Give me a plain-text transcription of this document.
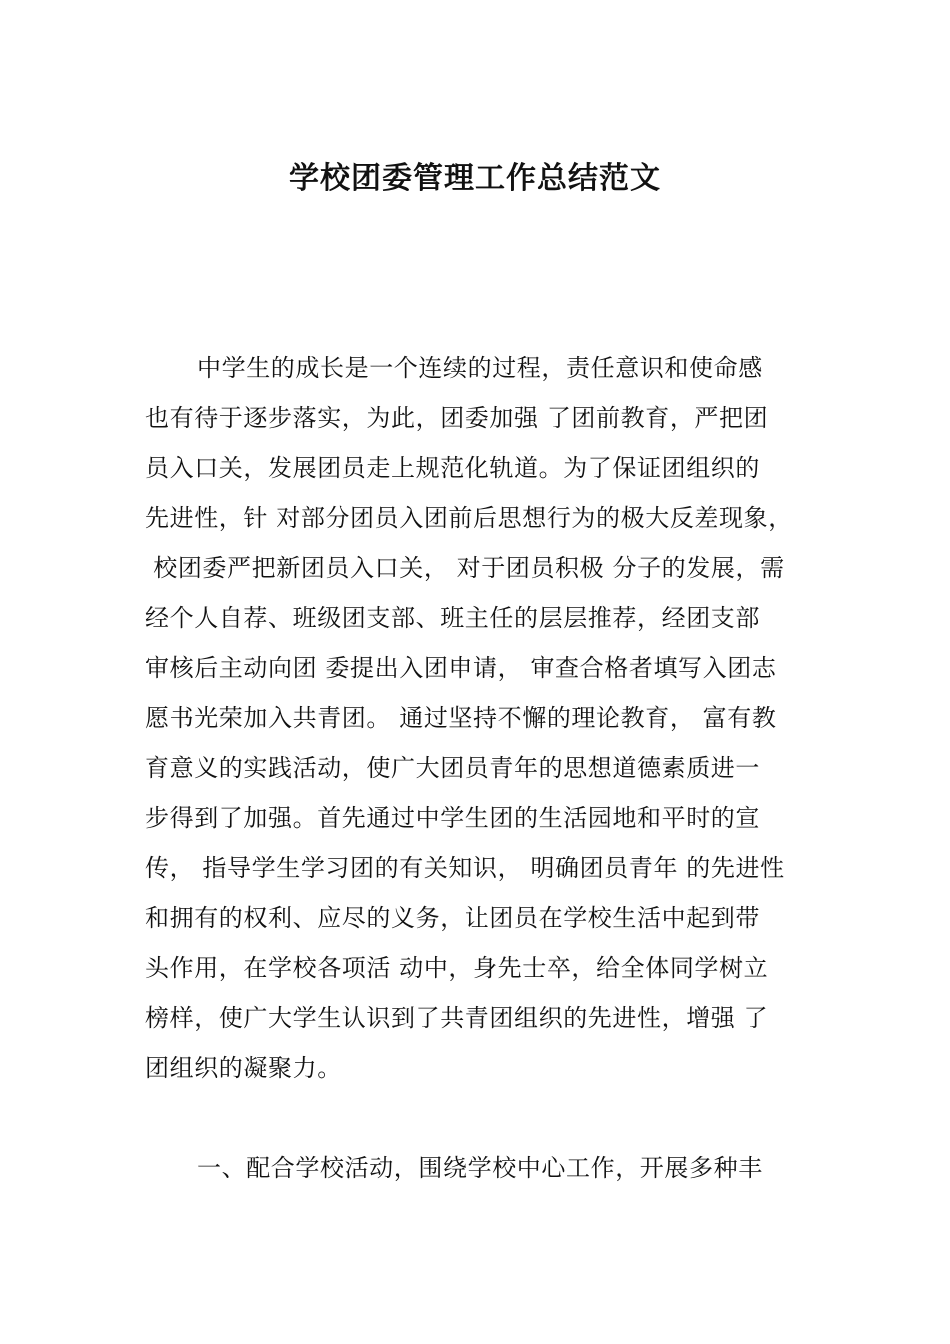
学校团委管理工作总结范文
中学生的成长是一个连续的过程，责任意识和使命感
也有待于逐步落实，为此，团委加强 了团前教育，严把团
员入口关，发展团员走上规范化轨道。为了保证团组织的
先进性，针 对部分团员入团前后思想行为的极大反差现象，
校团委严把新团员入口关， 对于团员积极 分子的发展，需
经个人自荐、班级团支部、班主任的层层推荐，经团支部
审核后主动向团 委提出入团申请， 审查合格者填写入团志
愿书光荣加入共青团。 通过坚持不懈的理论教育， 富有教
育意义的实践活动，使广大团员青年的思想道德素质进一
步得到了加强。首先通过中学生团的生活园地和平时的宣
传， 指导学生学习团的有关知识， 明确团员青年 的先进性
和拥有的权利、应尽的义务，让团员在学校生活中起到带
头作用，在学校各项活 动中，身先士卒，给全体同学树立
榜样，使广大学生认识到了共青团组织的先进性，增强 了
团组织的凝聚力。
一、配合学校活动，围绕学校中心工作，开展多种丰
